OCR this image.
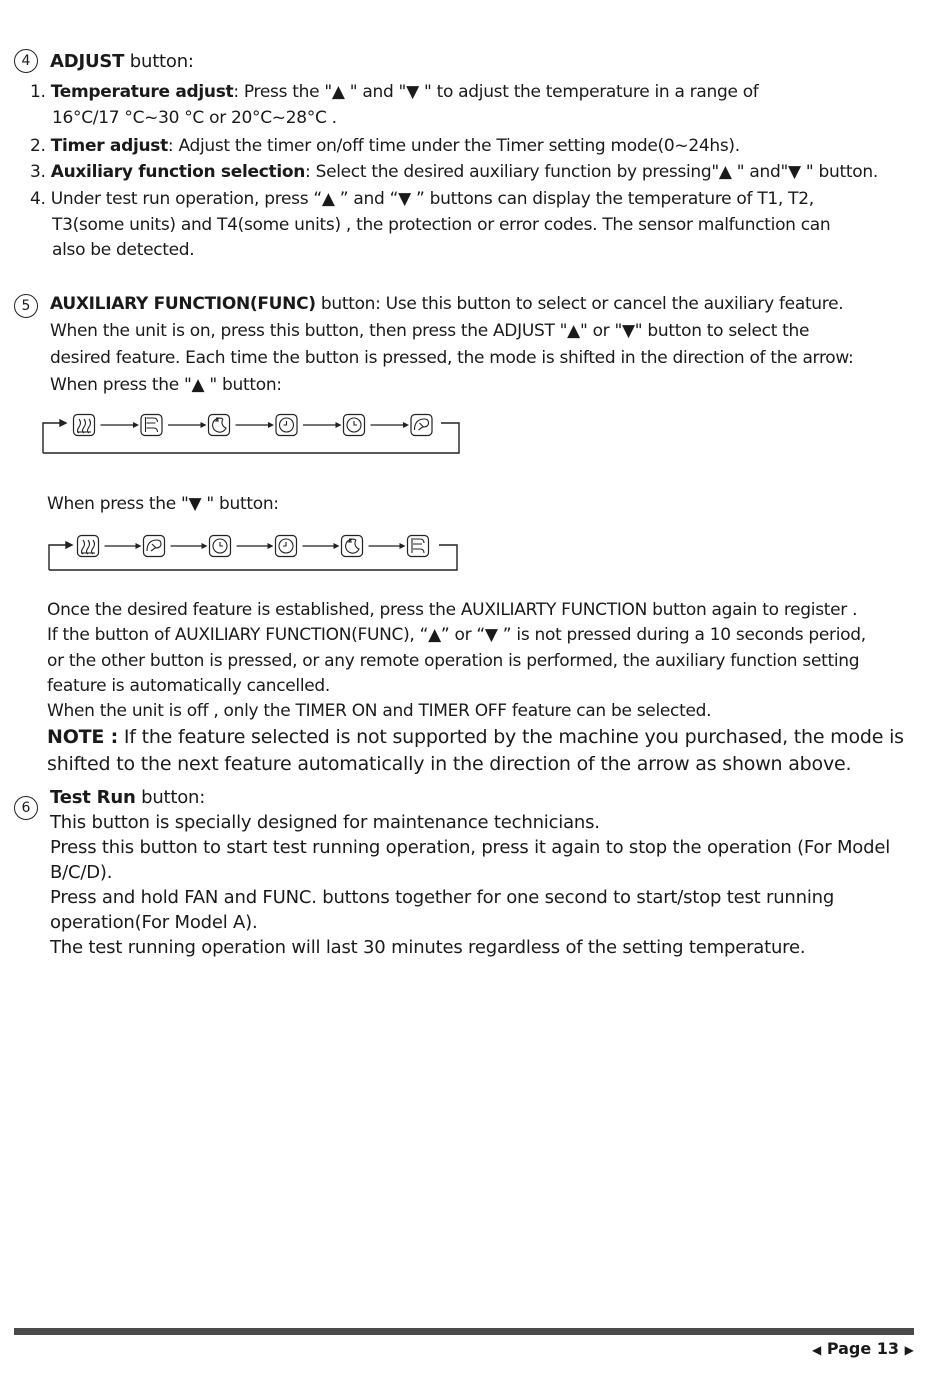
4	ADJUST button:
1. Temperature adjust: Press the "▲ " and "▼ " to adjust the temperature in a range of
16°C/17 °C~30 °C or 20°C~28°C .
2. Timer adjust: Adjust the timer on/off time under the Timer setting mode(0~24hs).
3. Auxiliary function selection: Select the desired auxiliary function by pressing"▲ " and"▼ " button.
4. Under test run operation, press “▲ ” and “▼ ” buttons can display the temperature of T1, T2,
T3(some units) and T4(some units) , the protection or error codes. The sensor malfunction can
also be detected.
5	AUXILIARY FUNCTION(FUNC) button: Use this button to select or cancel the auxiliary feature.
When the unit is on, press this button, then press the ADJUST "▲" or "▼" button to select the
desired feature. Each time the button is pressed, the mode is shifted in the direction of the arrow:
When press the "▲ " button:
When press the "▼ " button:
Once the desired feature is established, press the AUXILIARTY FUNCTION button again to register .
If the button of AUXILIARY FUNCTION(FUNC), “▲” or “▼ ” is not pressed during a 10 seconds period,
or the other button is pressed, or any remote operation is performed, the auxiliary function setting
feature is automatically cancelled.
When the unit is off , only the TIMER ON and TIMER OFF feature can be selected.
NOTE : If the feature selected is not supported by the machine you purchased, the mode is
shifted to the next feature automatically in the direction of the arrow as shown above.
6	Test Run button:
This button is specially designed for maintenance technicians.
Press this button to start test running operation, press it again to stop the operation (For Model
B/C/D).
Press and hold FAN and FUNC. buttons together for one second to start/stop test running
operation(For Model A).
The test running operation will last 30 minutes regardless of the setting temperature.
◀ Page 13 ▶
